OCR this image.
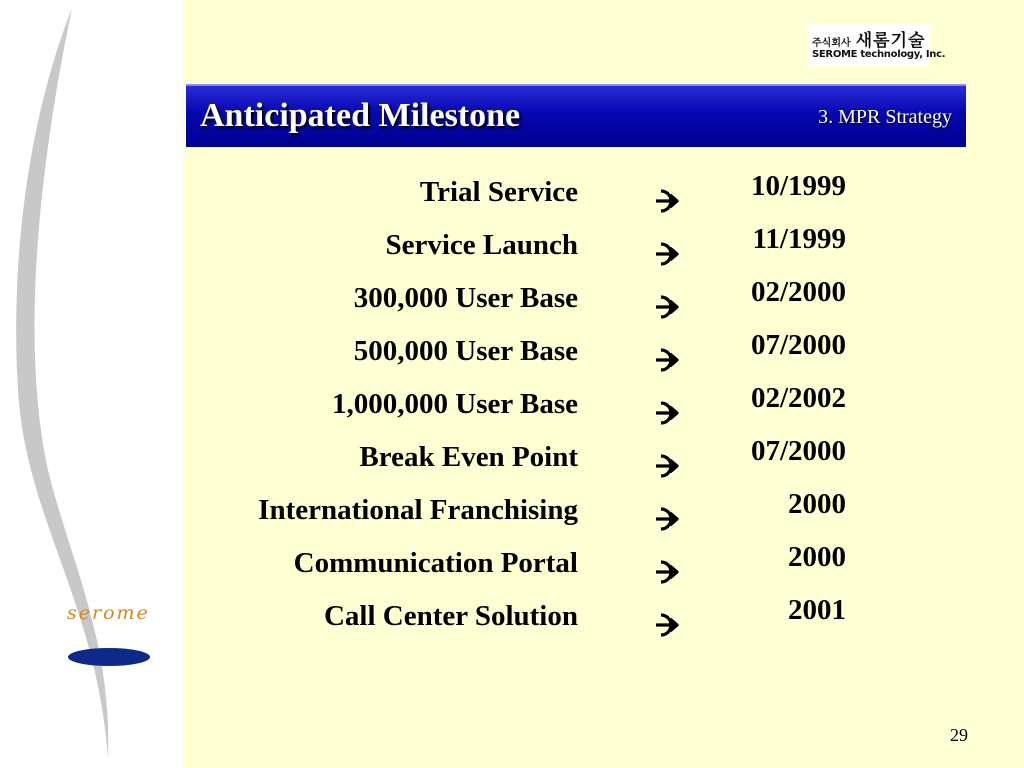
serome
주식회사 새롬기술
SEROME technology, Inc.
Anticipated Milestone	3. MPR Strategy
Trial Service	10/1999
Service Launch	11/1999
300,000 User Base	02/2000
500,000 User Base	07/2000
1,000,000 User Base	02/2002
Break Even Point	07/2000
International Franchising	2000
Communication Portal	2000
Call Center Solution	2001
29
